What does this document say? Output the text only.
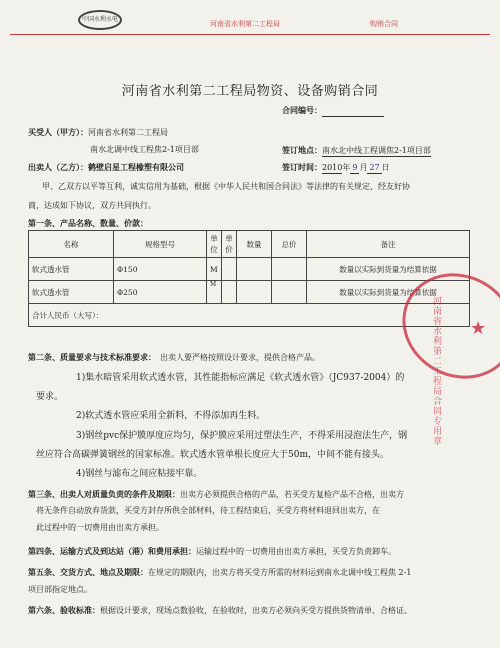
中国水利水电
河南省水利第二工程局	购销合同
河南省水利第二工程局物资、设备购销合同
合同编号：
买受人（甲方）：河南省水利第二工程局
南水北调中线工程焦2-1项目部	签订地点：南水北中线工程调焦2-1项目部
出卖人（乙方）：鹤壁启星工程橡塑有限公司	签订时间：2010年 9 月 27 日
甲、乙双方以平等互利，诚实信用为基础，根据《中华人民共和国合同法》等法律的有关规定，经友好协
商，达成如下协议，双方共同执行。
第一条、产品名称、数量、价款：
名称	规格型号	单位	单价	数量	总价	备注
软式透水管	Φ150	M				数量以实际到货量为结算依据
软式透水管	Φ250	M				数量以实际到货量为结算依据
合计人民币（大写）：						
★
河南省水利第二工程局合同专用章
第二条、质量要求与技术标准要求： 出卖人要严格按照设计要求，提供合格产品。
1)集水暗管采用软式透水管，其性能指标应满足《软式透水管》（JC937-2004）的
要求。
2)软式透水管应采用全新料，不得添加再生料。
3)钢丝pvc保护膜厚度应均匀，保护膜应采用过塑法生产，不得采用浸泡法生产，钢
丝应符合高碳弹簧钢丝的国家标准。软式透水管单根长度应大于50m，中间不能有接头。
4)钢丝与滤布之间应粘接牢靠。
第三条、出卖人对质量负责的条件及期限：出卖方必须提供合格的产品，若买受方复检产品不合格，出卖方
将无条件自动放弃货款，买受方封存所供全部材料，待工程结束后，买受方将材料退回出卖方，在
此过程中的一切费用由出卖方承担。
第四条、运输方式及到达站（港）和费用承担：运输过程中的一切费用由出卖方承担，买受方负责卸车。
第五条、交货方式、地点及期限：在规定的期限内，出卖方将买受方所需的材料运到南水北调中线工程焦 2-1
项目部指定地点。
第六条、验收标准：根据设计要求，现场点数验收，在验收时，出卖方必须向买受方提供货物清单、合格证、
